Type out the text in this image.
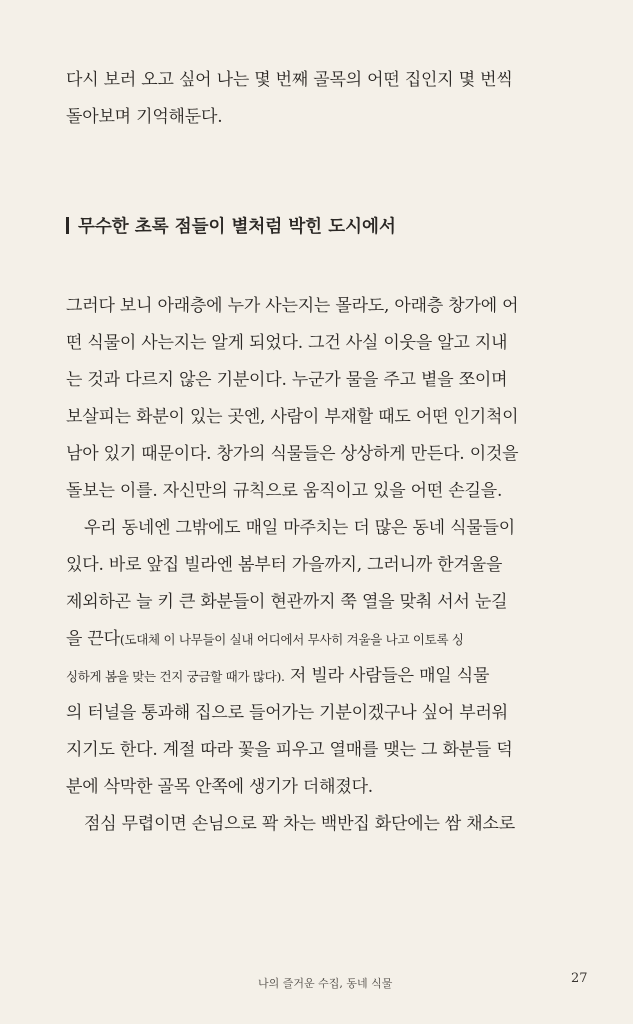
다시 보러 오고 싶어 나는 몇 번째 골목의 어떤 집인지 몇 번씩
돌아보며 기억해둔다.
무수한 초록 점들이 별처럼 박힌 도시에서
그러다 보니 아래층에 누가 사는지는 몰라도, 아래층 창가에 어
떤 식물이 사는지는 알게 되었다. 그건 사실 이웃을 알고 지내
는 것과 다르지 않은 기분이다. 누군가 물을 주고 볕을 쪼이며
보살피는 화분이 있는 곳엔, 사람이 부재할 때도 어떤 인기척이
남아 있기 때문이다. 창가의 식물들은 상상하게 만든다. 이것을
돌보는 이를. 자신만의 규칙으로 움직이고 있을 어떤 손길을.
우리 동네엔 그밖에도 매일 마주치는 더 많은 동네 식물들이
있다. 바로 앞집 빌라엔 봄부터 가을까지, 그러니까 한겨울을
제외하곤 늘 키 큰 화분들이 현관까지 쭉 열을 맞춰 서서 눈길
을 끈다(도대체 이 나무들이 실내 어디에서 무사히 겨울을 나고 이토록 싱
싱하게 봄을 맞는 건지 궁금할 때가 많다). 저 빌라 사람들은 매일 식물
의 터널을 통과해 집으로 들어가는 기분이겠구나 싶어 부러워
지기도 한다. 계절 따라 꽃을 피우고 열매를 맺는 그 화분들 덕
분에 삭막한 골목 안쪽에 생기가 더해졌다.
점심 무렵이면 손님으로 꽉 차는 백반집 화단에는 쌈 채소로
나의 즐거운 수집, 동네 식물	27
